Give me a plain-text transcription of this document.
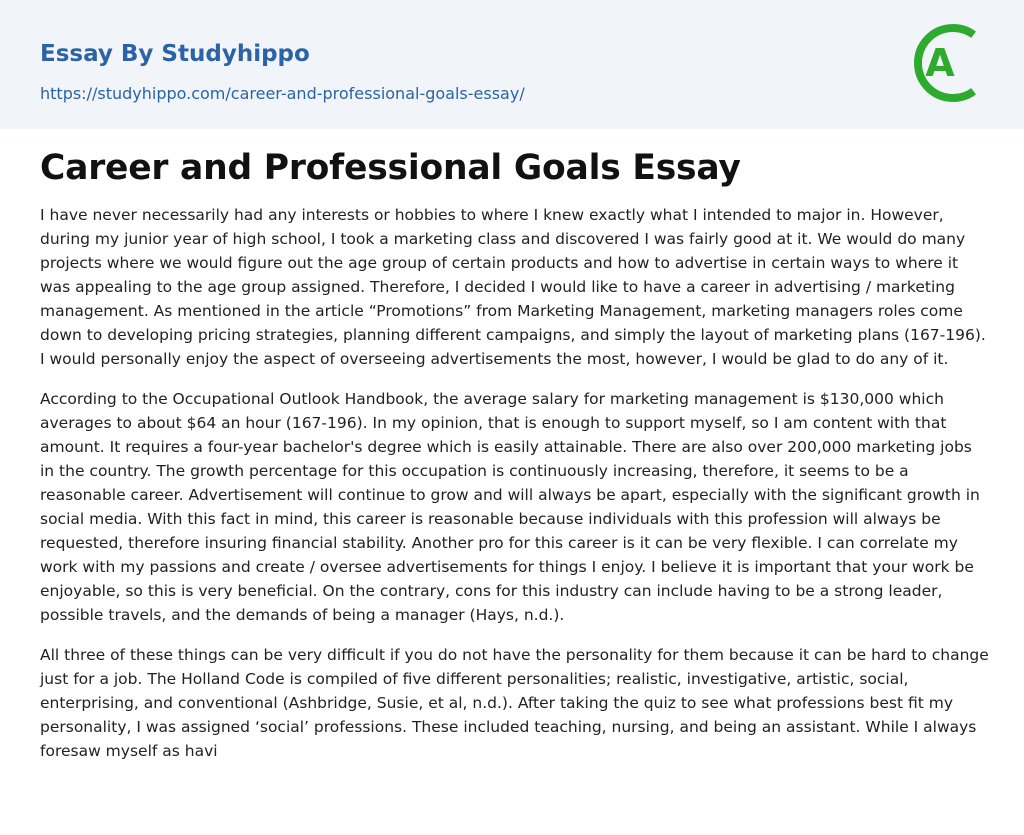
Essay By Studyhippo
https://studyhippo.com/career-and-professional-goals-essay/
A
Career and Professional Goals Essay

I have never necessarily had any interests or hobbies to where I knew exactly what I intended to major in. However, during my junior year of high school, I took a marketing class and discovered I was fairly good at it. We would do many projects where we would figure out the age group of certain products and how to advertise in certain ways to where it was appealing to the age group assigned. Therefore, I decided I would like to have a career in advertising / marketing management. As mentioned in the article “Promotions” from Marketing Management, marketing managers roles come down to developing pricing strategies, planning different campaigns, and simply the layout of marketing plans (167-196). I would personally enjoy the aspect of overseeing advertisements the most, however, I would be glad to do any of it.

According to the Occupational Outlook Handbook, the average salary for marketing management is $130,000 which averages to about $64 an hour (167-196). In my opinion, that is enough to support myself, so I am content with that amount. It requires a four-year bachelor's degree which is easily attainable. There are also over 200,000 marketing jobs in the country. The growth percentage for this occupation is continuously increasing, therefore, it seems to be a reasonable career. Advertisement will continue to grow and will always be apart, especially with the significant growth in social media. With this fact in mind, this career is reasonable because individuals with this profession will always be requested, therefore insuring financial stability. Another pro for this career is it can be very flexible. I can correlate my work with my passions and create / oversee advertisements for things I enjoy. I believe it is important that your work be enjoyable, so this is very beneficial. On the contrary, cons for this industry can include having to be a strong leader, possible travels, and the demands of being a manager (Hays, n.d.).

All three of these things can be very difficult if you do not have the personality for them because it can be hard to change just for a job. The Holland Code is compiled of five different personalities; realistic, investigative, artistic, social, enterprising, and conventional (Ashbridge, Susie, et al, n.d.). After taking the quiz to see what professions best fit my personality, I was assigned ‘social’ professions. These included teaching, nursing, and being an assistant. While I always foresaw myself as havi
